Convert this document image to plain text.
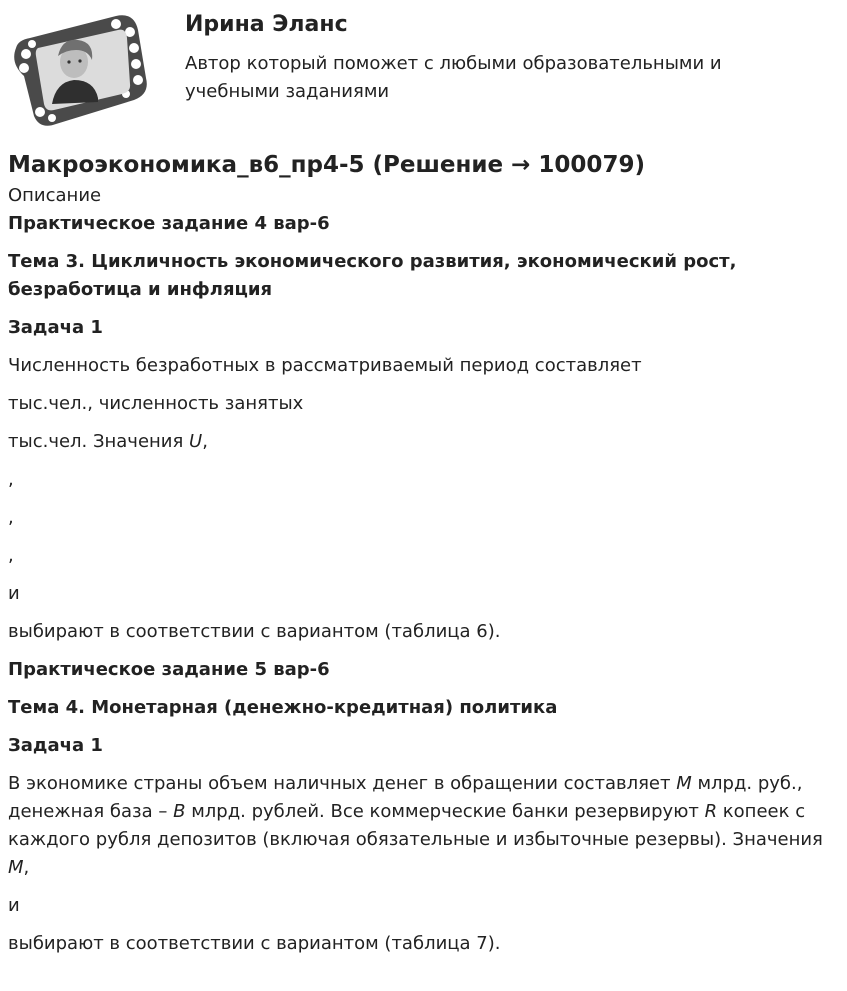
Ирина Эланс
Автор который поможет с любыми образовательными и учебными заданиями
Макроэкономика_в6_пр4-5 (Решение → 100079)
Описание
Практическое задание 4 вар-6
Тема 3. Цикличность экономического развития, экономический рост, безработица и инфляция
Задача 1
Численность безработных в рассматриваемый период составляет
тыс.чел., численность занятых
тыс.чел. Значения U,
,
,
,
и
выбирают в соответствии с вариантом (таблица 6).
Практическое задание 5 вар-6
Тема 4. Монетарная (денежно-кредитная) политика
Задача 1
В экономике страны объем наличных денег в обращении составляет M млрд. руб., денежная база – B млрд. рублей. Все коммерческие банки резервируют R копеек с каждого рубля депозитов (включая обязательные и избыточные резервы). Значения M,
и
выбирают в соответствии с вариантом (таблица 7).
